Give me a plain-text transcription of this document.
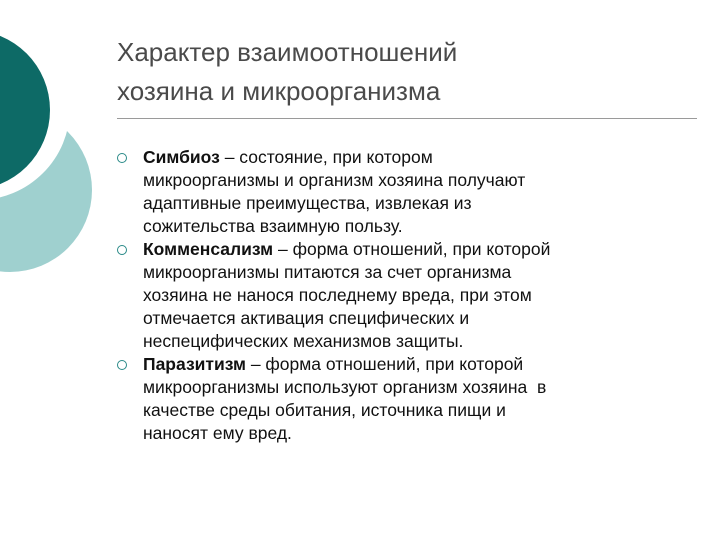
Характер взаимоотношений
хозяина и микроорганизма

Симбиоз – состояние, при котором
микроорганизмы и организм хозяина получают
адаптивные преимущества, извлекая из
сожительства взаимную пользу.

Комменсализм – форма отношений, при которой
микроорганизмы питаются за счет организма
хозяина не нанося последнему вреда, при этом
отмечается активация специфических и
неспецифических механизмов защиты.

Паразитизм – форма отношений, при которой
микроорганизмы используют организм хозяина  в
качестве среды обитания, источника пищи и
наносят ему вред.
